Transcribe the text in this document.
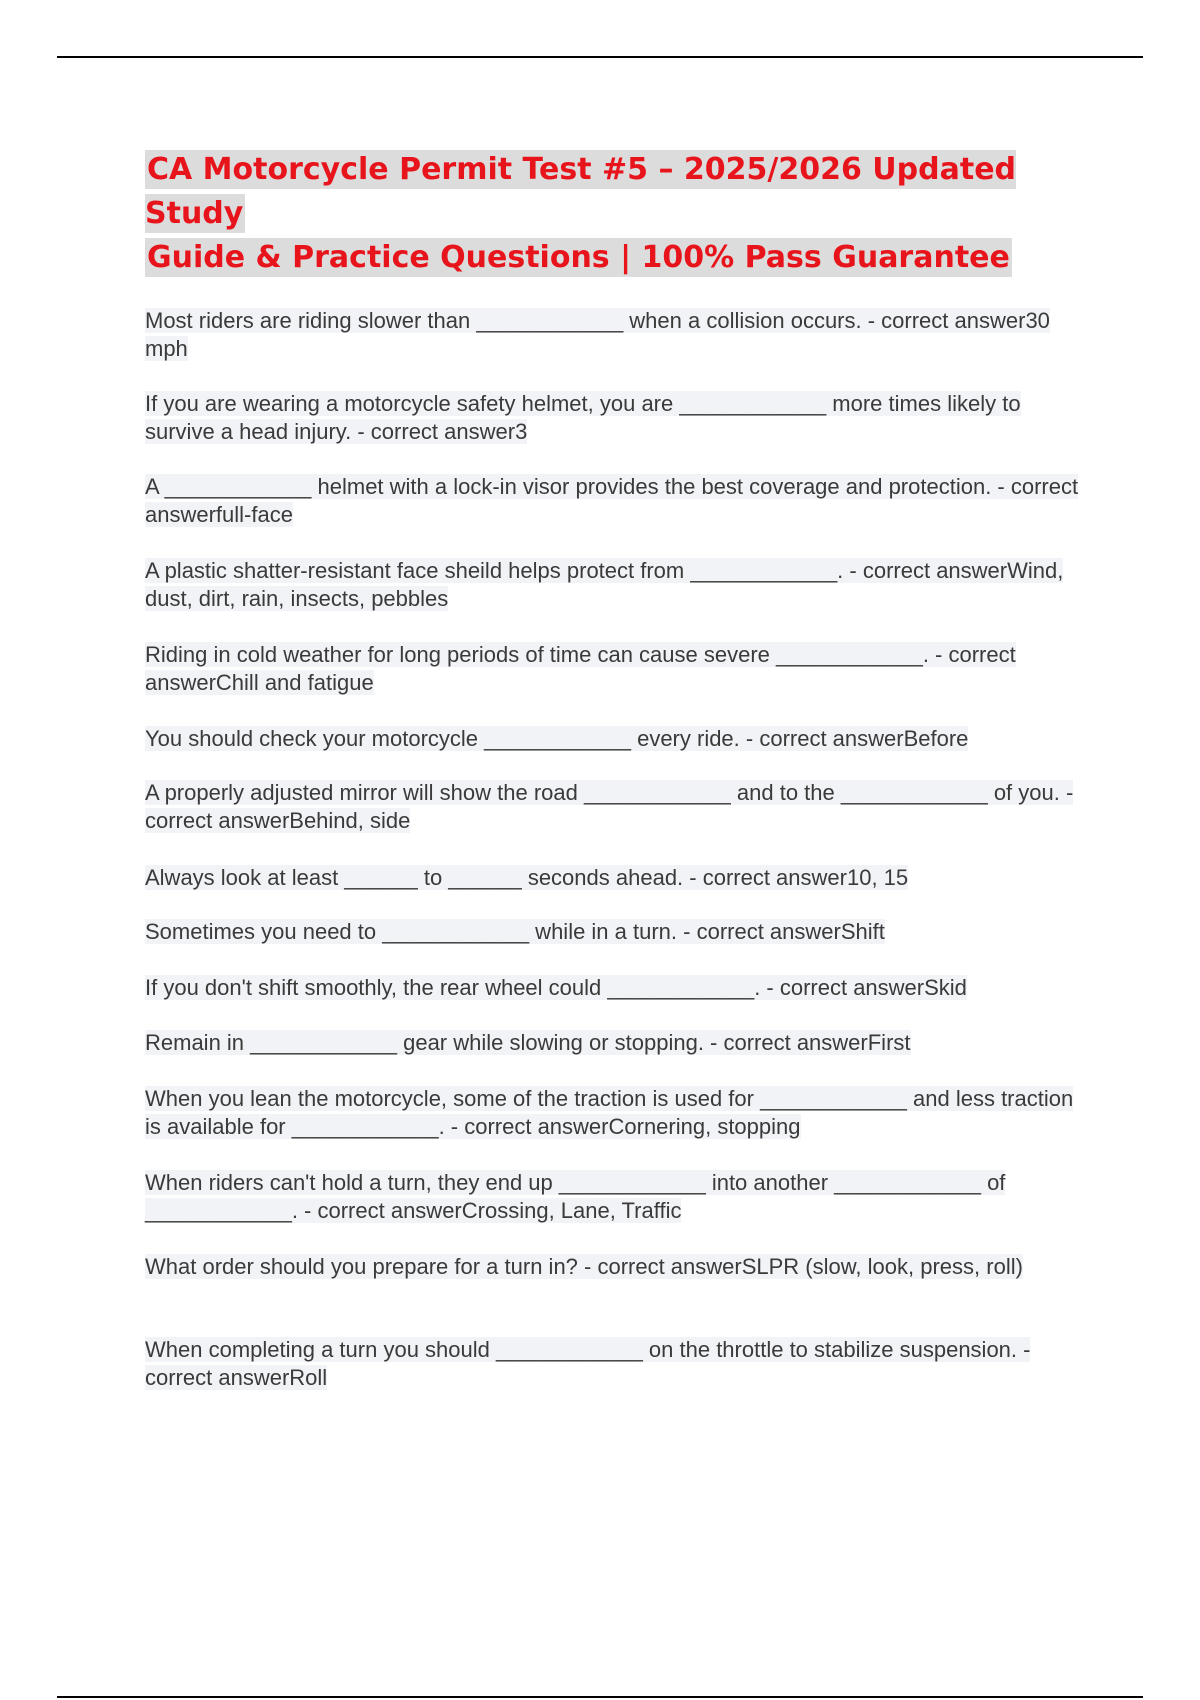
CA Motorcycle Permit Test #5 – 2025/2026 Updated Study
Guide & Practice Questions | 100% Pass Guarantee
Most riders are riding slower than ____________ when a collision occurs. - correct answer30 mph
If you are wearing a motorcycle safety helmet, you are ____________ more times likely to survive a head injury. - correct answer3
A ____________ helmet with a lock-in visor provides the best coverage and protection. - correct answerfull-face
A plastic shatter-resistant face sheild helps protect from ____________. - correct answerWind, dust, dirt, rain, insects, pebbles
Riding in cold weather for long periods of time can cause severe ____________. - correct answerChill and fatigue
You should check your motorcycle ____________ every ride. - correct answerBefore
A properly adjusted mirror will show the road ____________ and to the ____________ of you. - correct answerBehind, side
Always look at least ______ to ______ seconds ahead. - correct answer10, 15
Sometimes you need to ____________ while in a turn. - correct answerShift
If you don't shift smoothly, the rear wheel could ____________. - correct answerSkid
Remain in ____________ gear while slowing or stopping. - correct answerFirst
When you lean the motorcycle, some of the traction is used for ____________ and less traction is available for ____________. - correct answerCornering, stopping
When riders can't hold a turn, they end up ____________ into another ____________ of ____________. - correct answerCrossing, Lane, Traffic
What order should you prepare for a turn in? - correct answerSLPR (slow, look, press, roll)
When completing a turn you should ____________ on the throttle to stabilize suspension. - correct answerRoll
